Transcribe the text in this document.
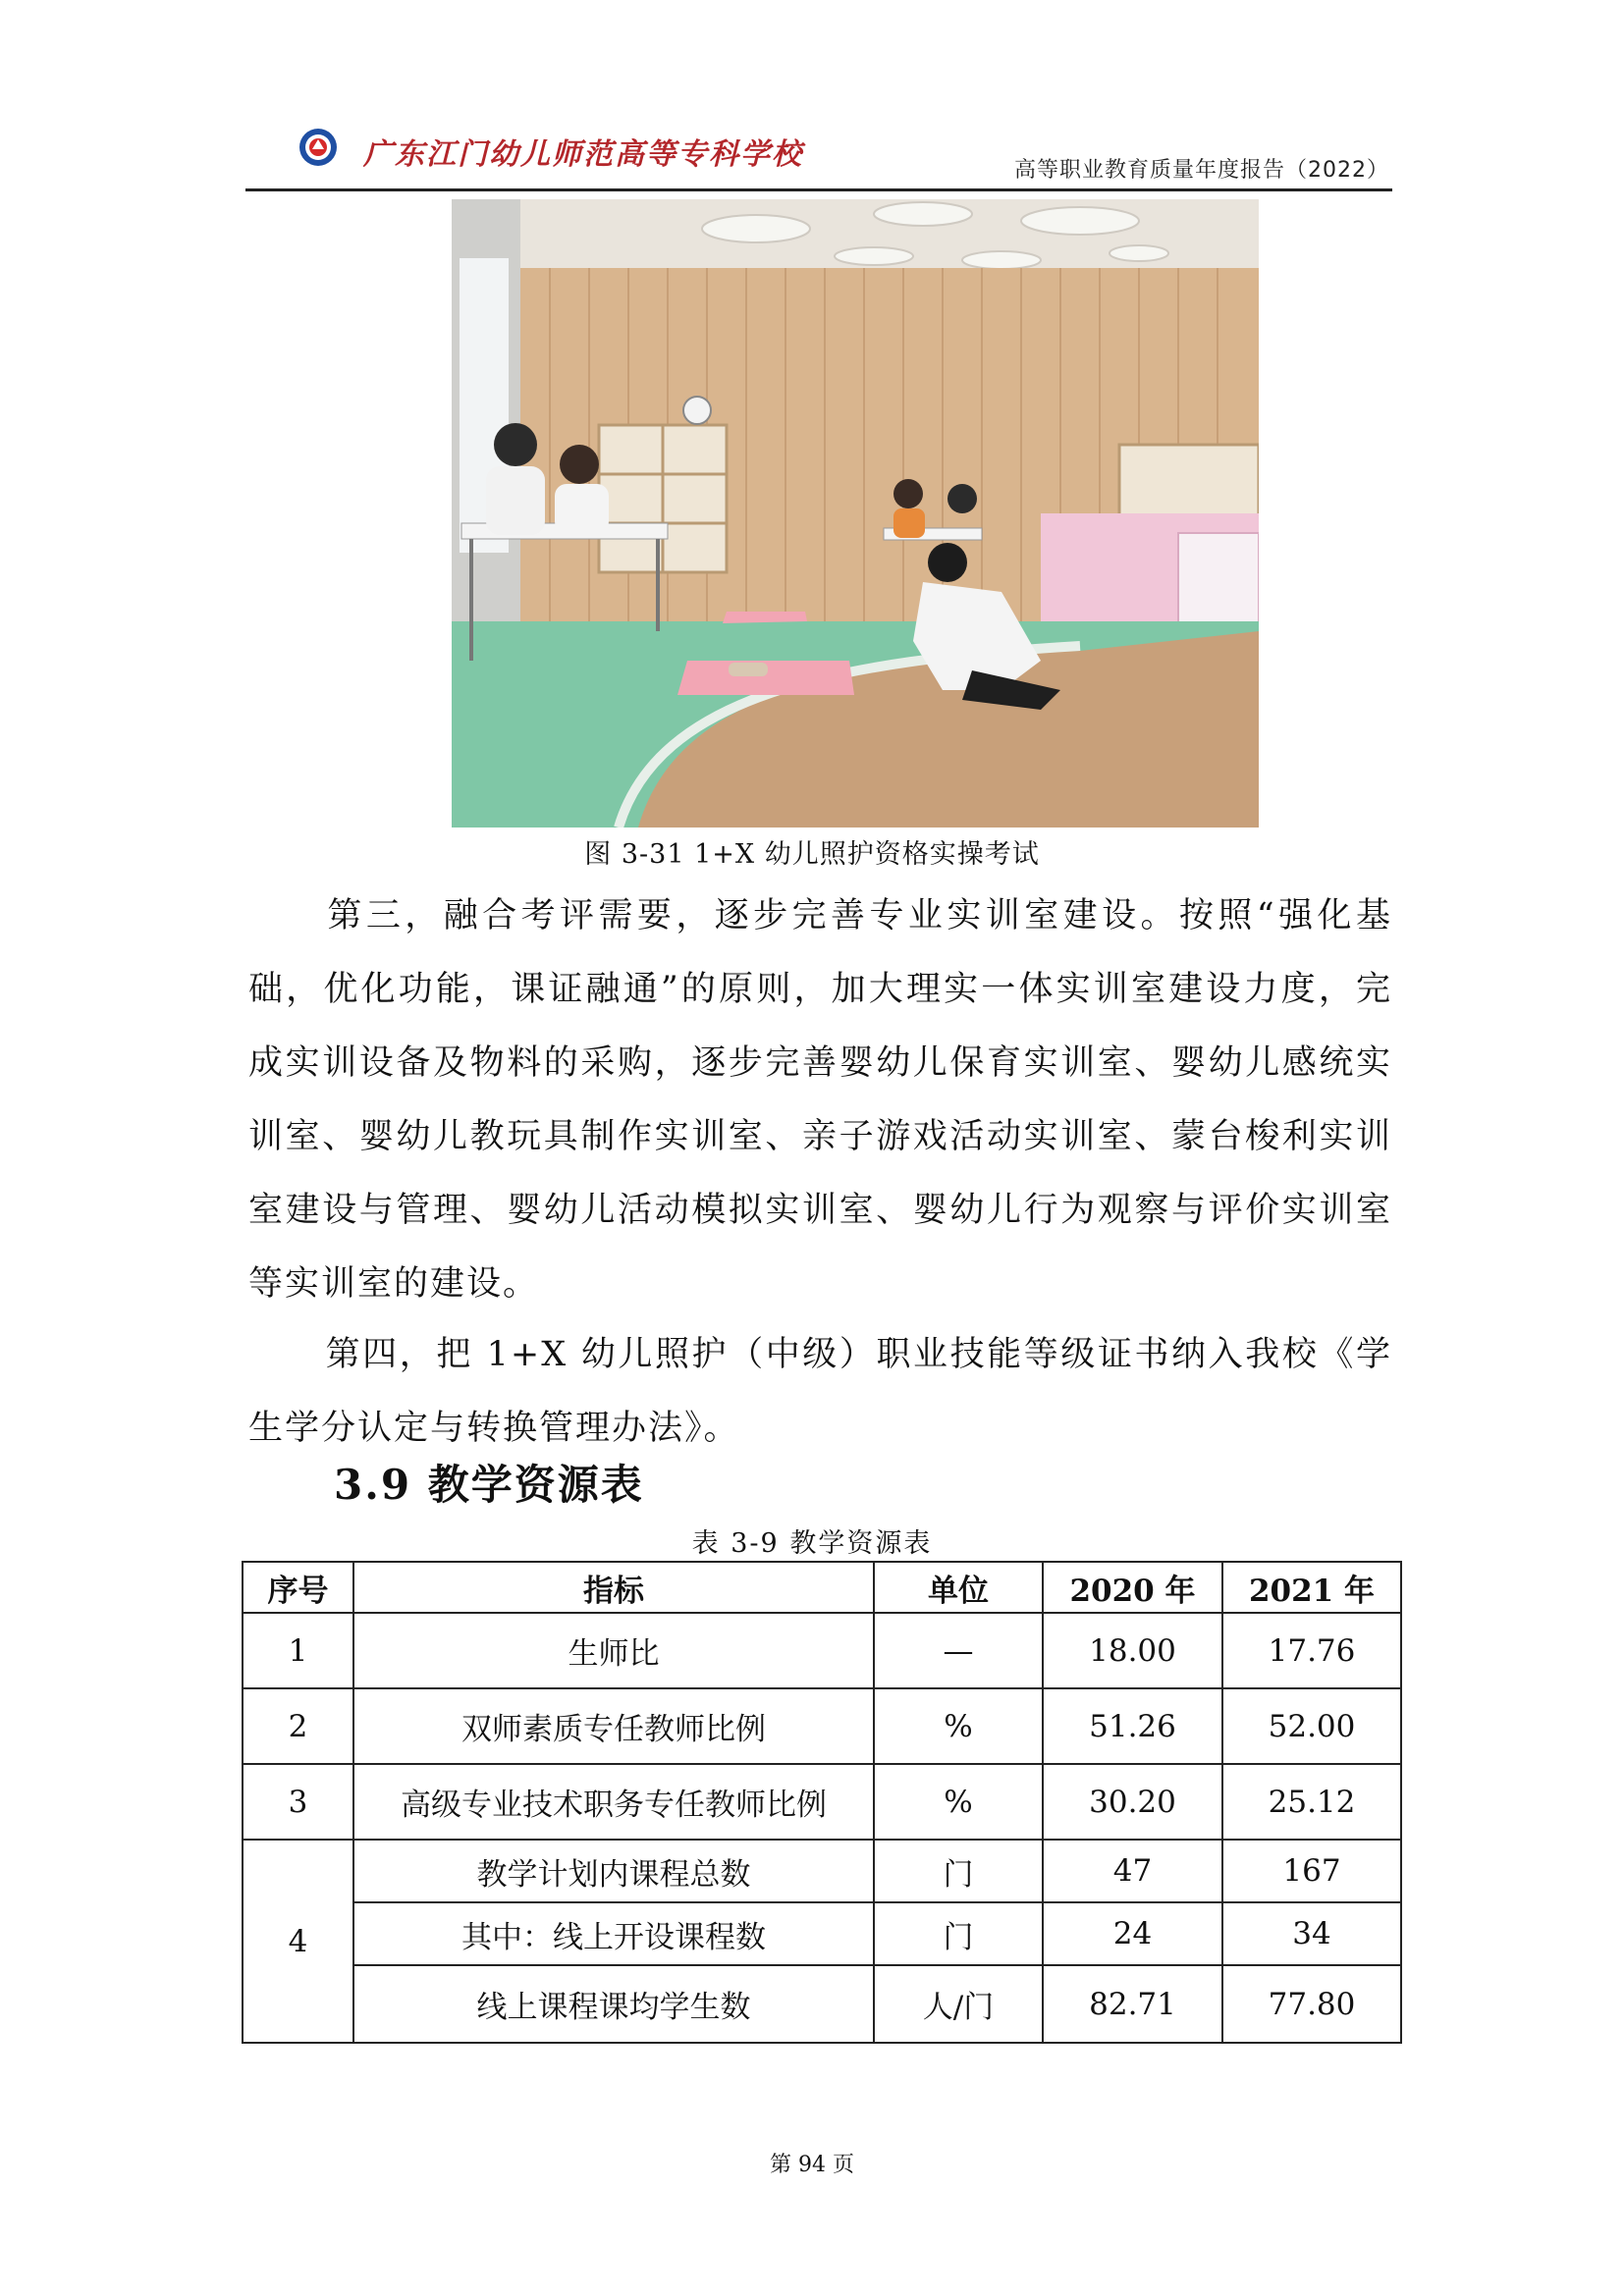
广东江门幼儿师范高等专科学校	高等职业教育质量年度报告（2022）
图 3-31 1+X 幼儿照护资格实操考试

第三，融合考评需要，逐步完善专业实训室建设。按照“强化基础，优化功能，课证融通”的原则，加大理实一体实训室建设力度，完成实训设备及物料的采购，逐步完善婴幼儿保育实训室、婴幼儿感统实训室、婴幼儿教玩具制作实训室、亲子游戏活动实训室、蒙台梭利实训室建设与管理、婴幼儿活动模拟实训室、婴幼儿行为观察与评价实训室等实训室的建设。

第四，把 1+X 幼儿照护（中级）职业技能等级证书纳入我校《学生学分认定与转换管理办法》。

3.9 教学资源表
表 3-9 教学资源表
序号	指标	单位	2020 年	2021 年
1	生师比	—	18.00	17.76
2	双师素质专任教师比例	%	51.26	52.00
3	高级专业技术职务专任教师比例	%	30.20	25.12
4	教学计划内课程总数	门	47	167
	其中：线上开设课程数	门	24	34
	线上课程课均学生数	人/门	82.71	77.80
第 94 页
